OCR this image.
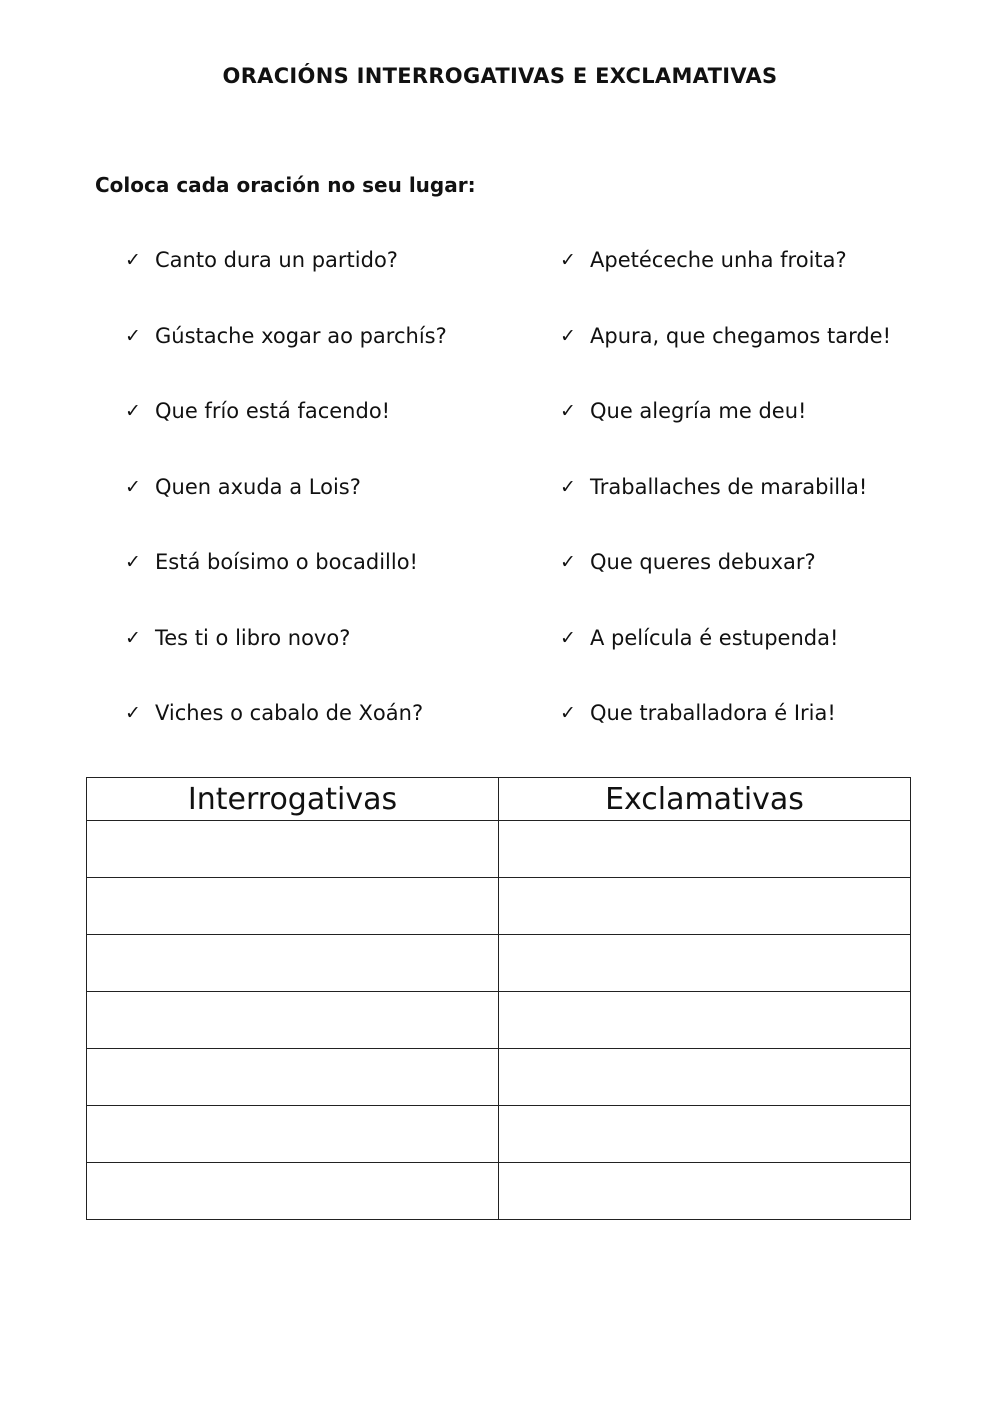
ORACIÓNS INTERROGATIVAS E EXCLAMATIVAS
Coloca cada oración no seu lugar:
✓ Canto dura un partido?
✓ Gústache xogar ao parchís?
✓ Que frío está facendo!
✓ Quen axuda a Lois?
✓ Está boísimo o bocadillo!
✓ Tes ti o libro novo?
✓ Viches o cabalo de Xoán?
✓ Apetéceche unha froita?
✓ Apura, que chegamos tarde!
✓ Que alegría me deu!
✓ Traballaches de marabilla!
✓ Que queres debuxar?
✓ A película é estupenda!
✓ Que traballadora é Iria!
Interrogativas	Exclamativas
